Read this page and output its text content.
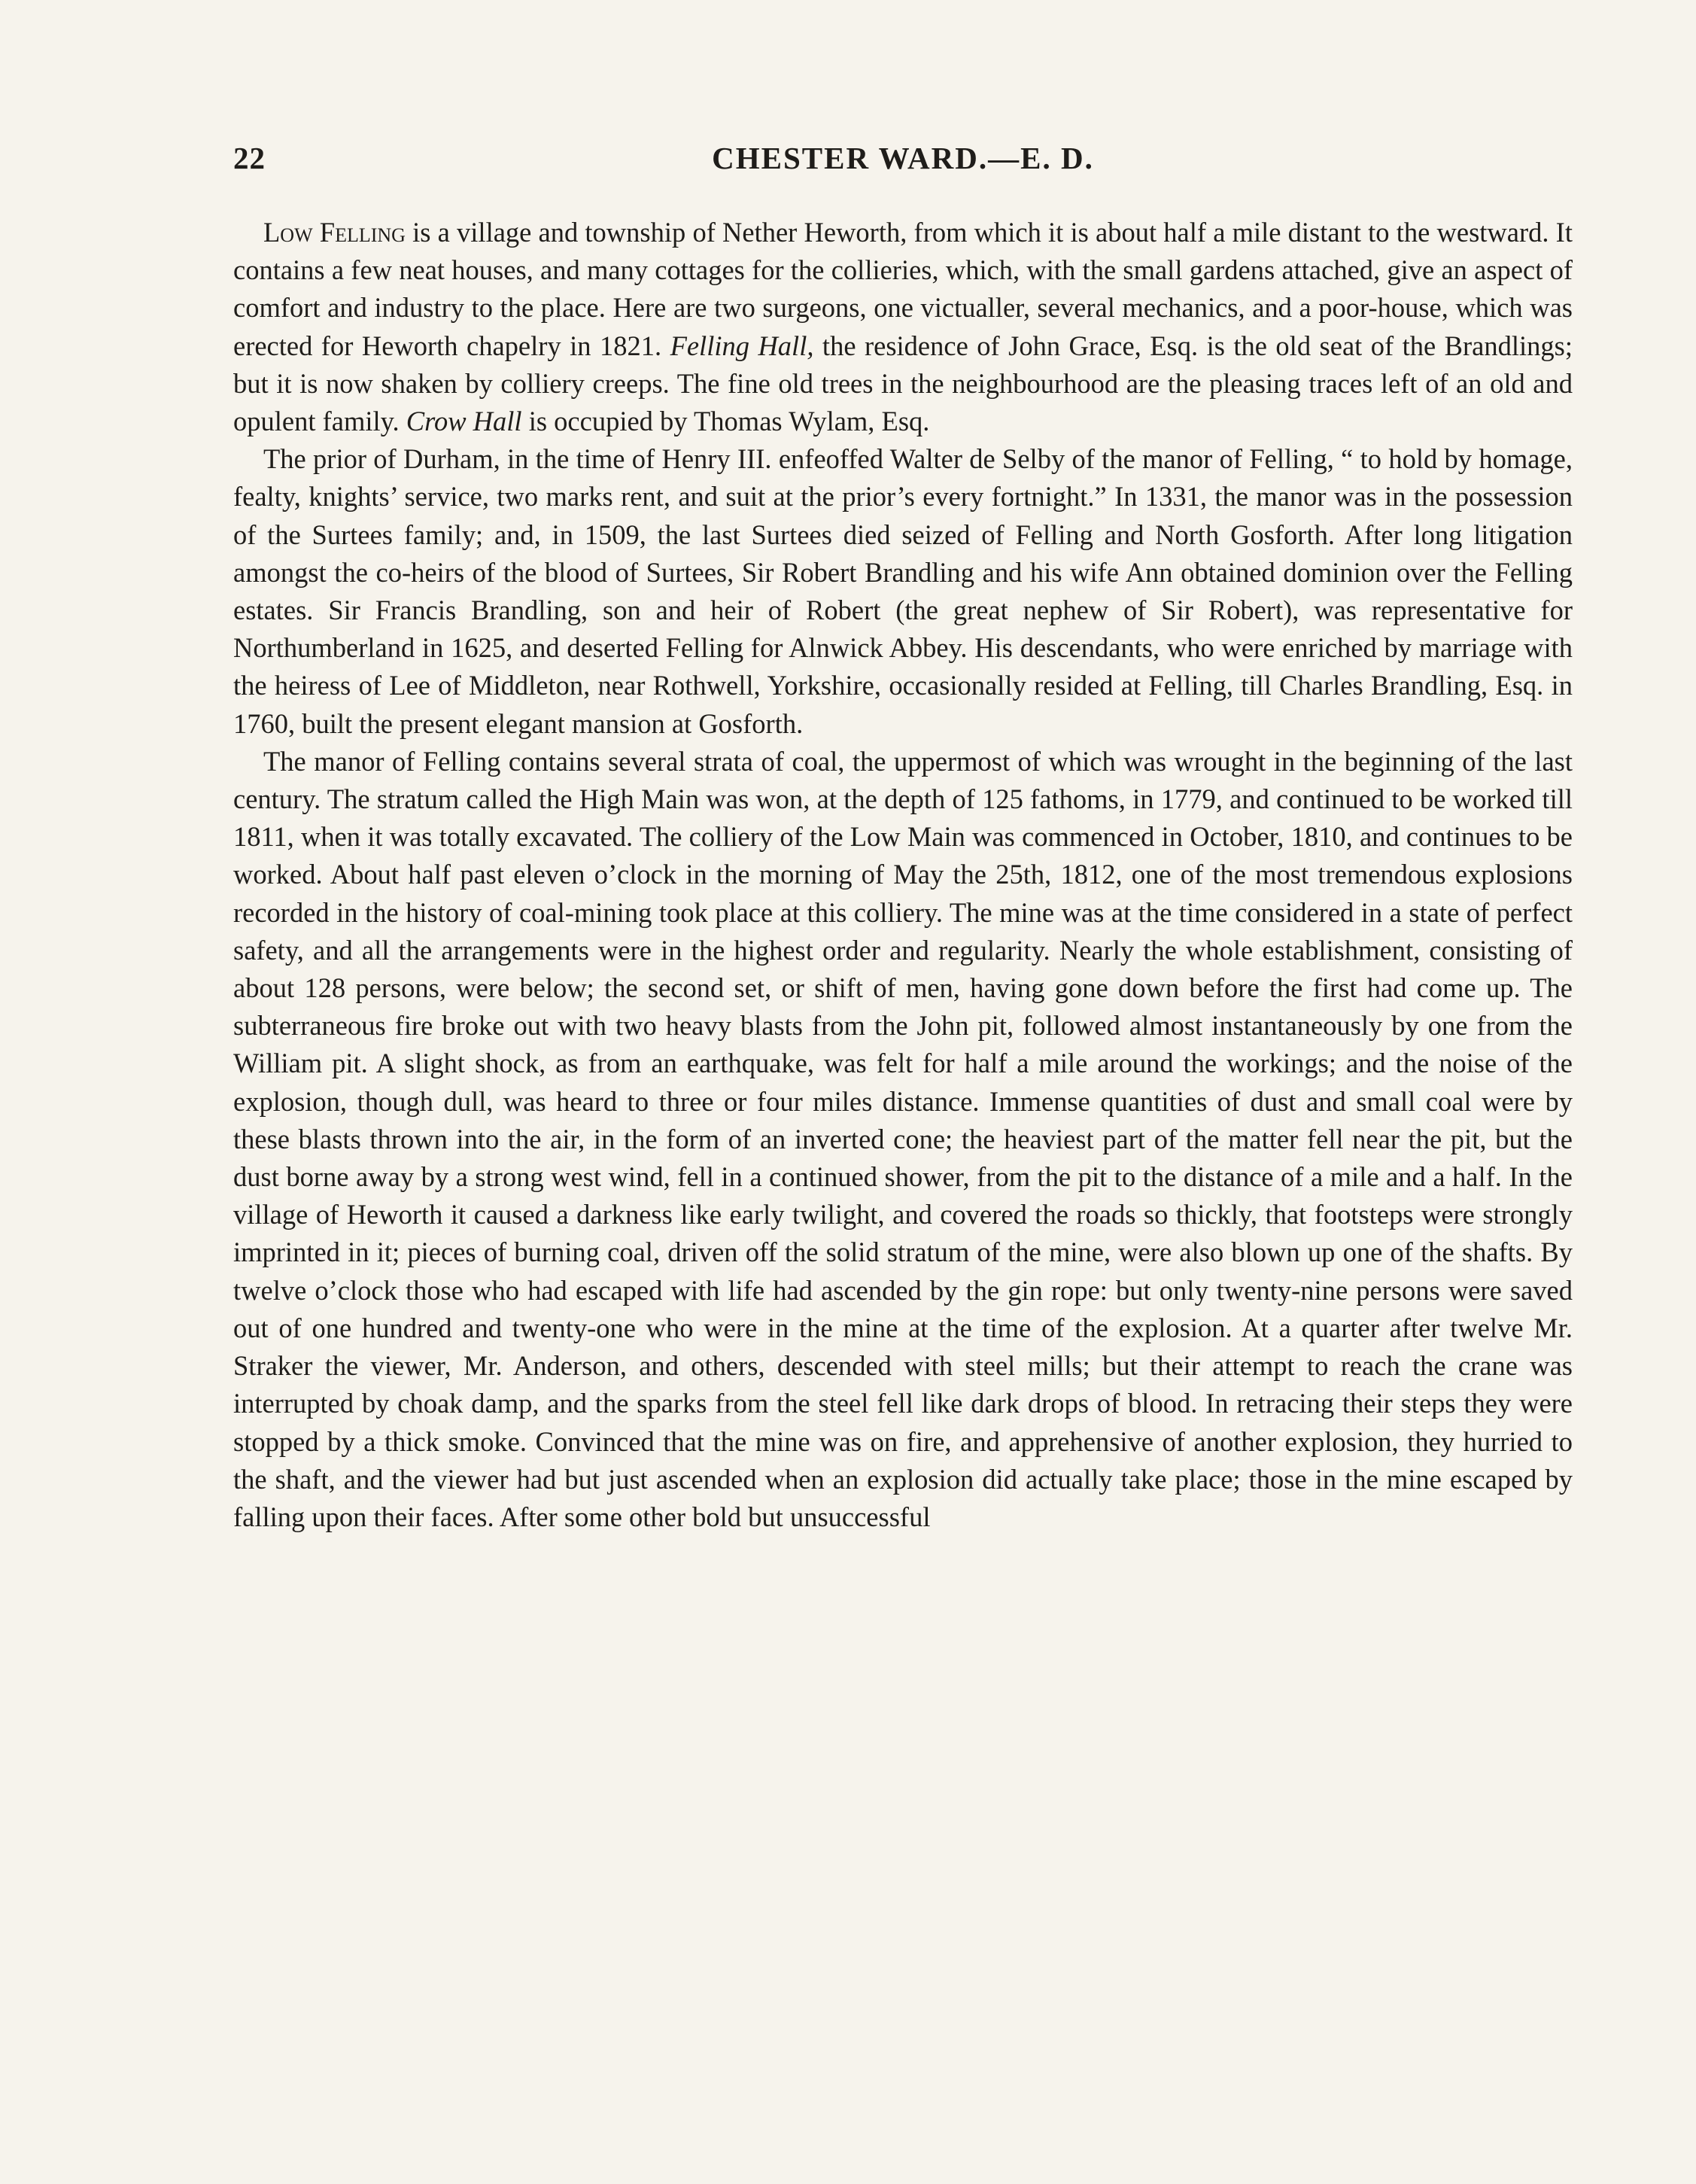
22	CHESTER WARD.—E. D.

Low Felling is a village and township of Nether Heworth, from which it is about half a mile distant to the westward. It contains a few neat houses, and many cottages for the collieries, which, with the small gardens attached, give an aspect of comfort and industry to the place. Here are two surgeons, one victualler, several mechanics, and a poor-house, which was erected for Heworth chapelry in 1821. Felling Hall, the residence of John Grace, Esq. is the old seat of the Brandlings; but it is now shaken by colliery creeps. The fine old trees in the neighbourhood are the pleasing traces left of an old and opulent family. Crow Hall is occupied by Thomas Wylam, Esq.

The prior of Durham, in the time of Henry III. enfeoffed Walter de Selby of the manor of Felling, “ to hold by homage, fealty, knights’ service, two marks rent, and suit at the prior’s every fortnight.” In 1331, the manor was in the possession of the Surtees family; and, in 1509, the last Surtees died seized of Felling and North Gosforth. After long litigation amongst the co-heirs of the blood of Surtees, Sir Robert Brandling and his wife Ann obtained dominion over the Felling estates. Sir Francis Brandling, son and heir of Robert (the great nephew of Sir Robert), was representative for Northumberland in 1625, and deserted Felling for Alnwick Abbey. His descendants, who were enriched by marriage with the heiress of Lee of Middleton, near Rothwell, Yorkshire, occasionally resided at Felling, till Charles Brandling, Esq. in 1760, built the present elegant mansion at Gosforth.

The manor of Felling contains several strata of coal, the uppermost of which was wrought in the beginning of the last century. The stratum called the High Main was won, at the depth of 125 fathoms, in 1779, and continued to be worked till 1811, when it was totally excavated. The colliery of the Low Main was commenced in October, 1810, and continues to be worked. About half past eleven o’clock in the morning of May the 25th, 1812, one of the most tremendous explosions recorded in the history of coal-mining took place at this colliery. The mine was at the time considered in a state of perfect safety, and all the arrangements were in the highest order and regularity. Nearly the whole establishment, consisting of about 128 persons, were below; the second set, or shift of men, having gone down before the first had come up. The subterraneous fire broke out with two heavy blasts from the John pit, followed almost instantaneously by one from the William pit. A slight shock, as from an earthquake, was felt for half a mile around the workings; and the noise of the explosion, though dull, was heard to three or four miles distance. Immense quantities of dust and small coal were by these blasts thrown into the air, in the form of an inverted cone; the heaviest part of the matter fell near the pit, but the dust borne away by a strong west wind, fell in a continued shower, from the pit to the distance of a mile and a half. In the village of Heworth it caused a darkness like early twilight, and covered the roads so thickly, that footsteps were strongly imprinted in it; pieces of burning coal, driven off the solid stratum of the mine, were also blown up one of the shafts. By twelve o’clock those who had escaped with life had ascended by the gin rope: but only twenty-nine persons were saved out of one hundred and twenty-one who were in the mine at the time of the explosion. At a quarter after twelve Mr. Straker the viewer, Mr. Anderson, and others, descended with steel mills; but their attempt to reach the crane was interrupted by choak damp, and the sparks from the steel fell like dark drops of blood. In retracing their steps they were stopped by a thick smoke. Convinced that the mine was on fire, and apprehensive of another explosion, they hurried to the shaft, and the viewer had but just ascended when an explosion did actually take place; those in the mine escaped by falling upon their faces. After some other bold but unsuccessful
